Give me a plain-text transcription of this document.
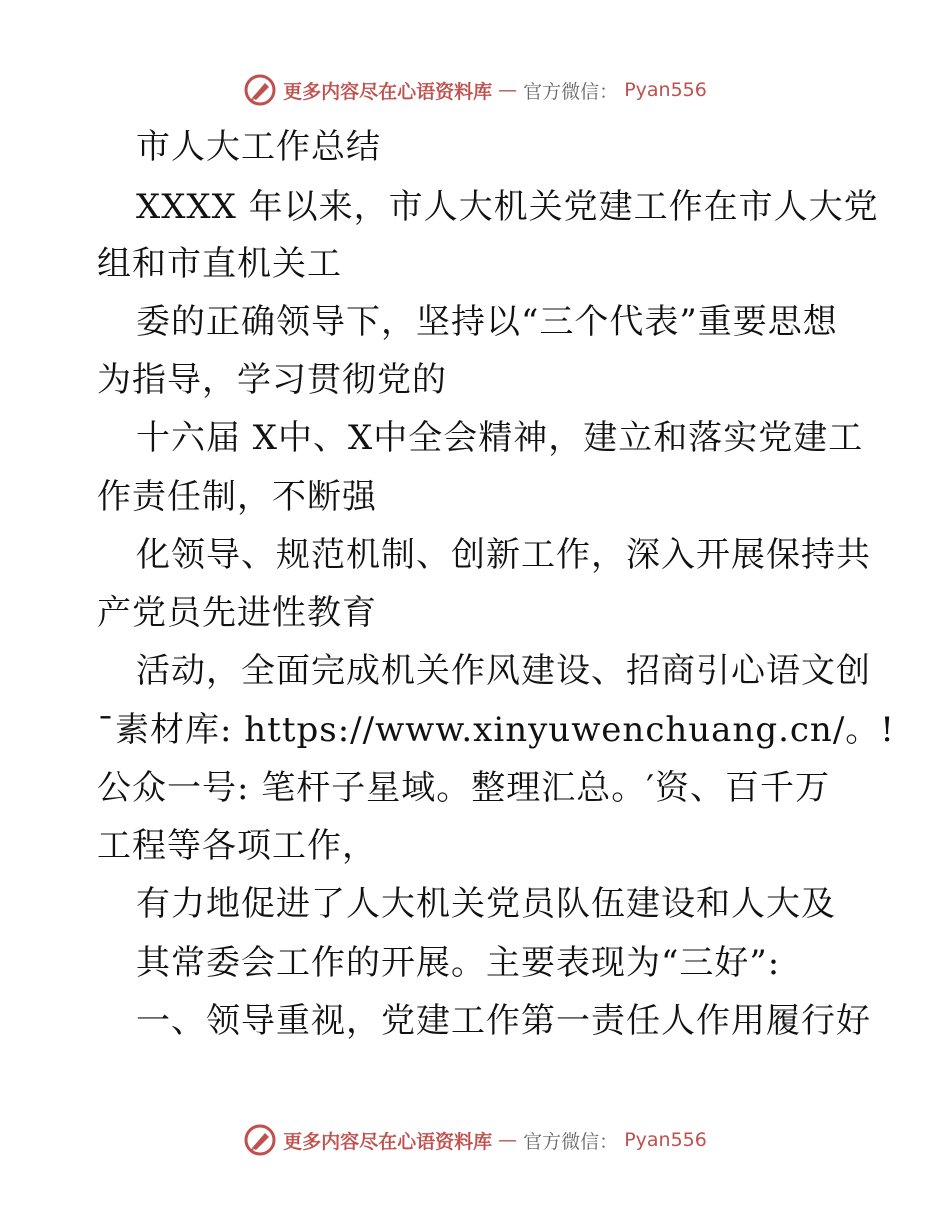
更多内容尽在心语资料库 — 官方微信： Pyan556
市人大工作总结
XXXX 年以来，市人大机关党建工作在市人大党
组和市直机关工
委的正确领导下，坚持以“三个代表”重要思想
为指导，学习贯彻党的
十六届 X中、X中全会精神，建立和落实党建工
作责任制，不断强
化领导、规范机制、创新工作，深入开展保持共
产党员先进性教育
活动，全面完成机关作风建设、招商引心语文创
¯素材库: https://www.xinyuwenchuang.cn/。!
公众一号: 笔杆子星域。整理汇总。′资、百千万
工程等各项工作，
有力地促进了人大机关党员队伍建设和人大及
其常委会工作的开展。主要表现为“三好”:
一、领导重视，党建工作第一责任人作用履行好
更多内容尽在心语资料库 — 官方微信： Pyan556
